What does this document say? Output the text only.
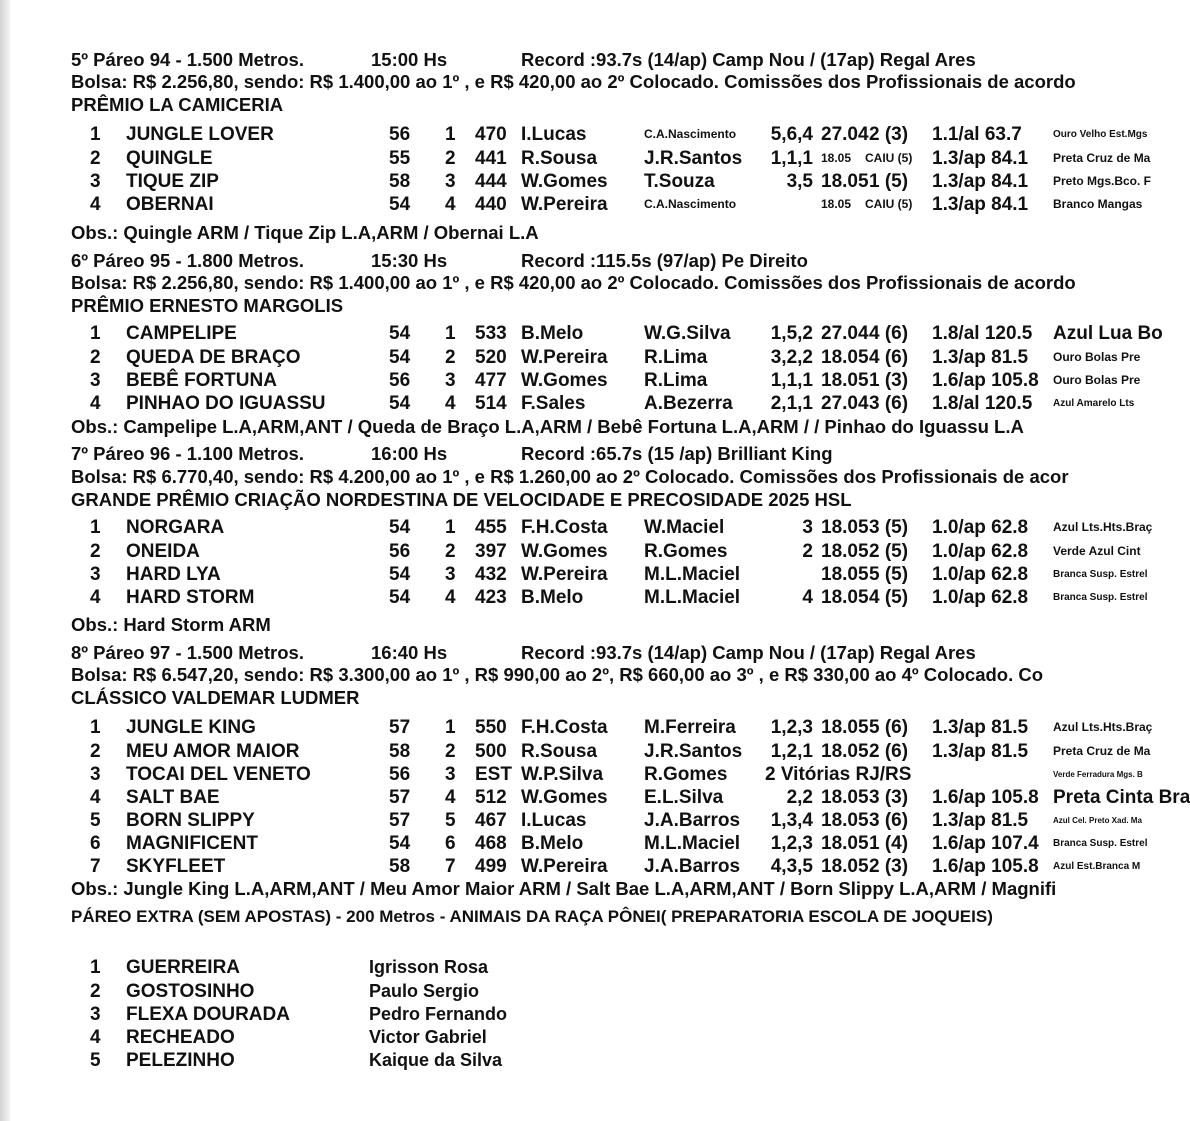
5º Páreo 94 - 1.500 Metros.	15:00 Hs	Record :93.7s (14/ap) Camp Nou / (17ap) Regal Ares
Bolsa: R$ 2.256,80, sendo: R$ 1.400,00 ao 1º , e R$ 420,00 ao 2º Colocado. Comissões dos Profissionais de acordo
PRÊMIO LA CAMICERIA
1 JUNGLE LOVER	56 1 470 I.Lucas	C.A.Nascimento 5,6,4 27.04 2 (3) 1.1/al 63.7	Ouro Velho Est.Mgs
2 QUINGLE	55 2 441 R.Sousa J.R.Santos 1,1,1 18.05 CAIU (5) 1.3/ap 84.1 Preta Cruz de Ma
3 TIQUE ZIP	58 3 444 W.Gomes T.Souza	3,5 18.05 1 (5) 1.3/ap 84.1 Preto Mgs.Bco. F
4 OBERNAI	54 4 440 W.Pereira	C.A.Nascimento	18.05 CAIU (5) 1.3/ap 84.1 Branco Mangas
Obs.: Quingle ARM / Tique Zip L.A,ARM / Obernai L.A
6º Páreo 95 - 1.800 Metros.	15:30 Hs	Record :115.5s (97/ap) Pe Direito
Bolsa: R$ 2.256,80, sendo: R$ 1.400,00 ao 1º , e R$ 420,00 ao 2º Colocado. Comissões dos Profissionais de acordo
PRÊMIO ERNESTO MARGOLIS
1 CAMPELIPE	54 1 533 B.Melo	W.G.Silva 1,5,2 27.04 4 (6) 1.8/al 120.5 Azul Lua Bo
2 QUEDA DE BRAÇO	54 2 520 W.Pereira R.Lima	3,2,2 18.05 4 (6) 1.3/ap 81.5 Ouro Bolas Pre
3 BEBÊ FORTUNA	56 3 477 W.Gomes R.Lima	1,1,1 18.05 1 (3) 1.6/ap 105.8 Ouro Bolas Pre
4 PINHAO DO IGUASSU	54 4 514 F.Sales	A.Bezerra 2,1,1 27.04 3 (6) 1.8/al 120.5 Azul Amarelo Lts
Obs.: Campelipe L.A,ARM,ANT / Queda de Braço L.A,ARM / Bebê Fortuna L.A,ARM / / Pinhao do Iguassu L.A
7º Páreo 96 - 1.100 Metros.	16:00 Hs	Record :65.7s (15 /ap) Brilliant King
Bolsa: R$ 6.770,40, sendo: R$ 4.200,00 ao 1º , e R$ 1.260,00 ao 2º Colocado. Comissões dos Profissionais de acor
GRANDE PRÊMIO CRIAÇÃO NORDESTINA DE VELOCIDADE E PRECOSIDADE 2025 HSL
1 NORGARA	54 1 455 F.H.Costa W.Maciel	3 18.05 3 (5) 1.0/ap 62.8 Azul Lts.Hts.Braç
2 ONEIDA	56 2 397 W.Gomes R.Gomes	2 18.05 2 (5) 1.0/ap 62.8 Verde Azul Cint
3 HARD LYA	54 3 432 W.Pereira M.L.Maciel	18.05 5 (5) 1.0/ap 62.8 Branca Susp. Estrel
4 HARD STORM	54 4 423 B.Melo	M.L.Maciel	4 18.05 4 (5) 1.0/ap 62.8 Branca Susp. Estrel
Obs.: Hard Storm ARM
8º Páreo 97 - 1.500 Metros.	16:40 Hs	Record :93.7s (14/ap) Camp Nou / (17ap) Regal Ares
Bolsa: R$ 6.547,20, sendo: R$ 3.300,00 ao 1º , R$ 990,00 ao 2º, R$ 660,00 ao 3º , e R$ 330,00 ao 4º Colocado. Co
CLÁSSICO VALDEMAR LUDMER
1 JUNGLE KING	57 1 550 F.H.Costa M.Ferreira 1,2,3 18.05 5 (6) 1.3/ap 81.5 Azul Lts.Hts.Braç
2 MEU AMOR MAIOR	58 2 500 R.Sousa J.R.Santos 1,2,1 18.05 2 (6) 1.3/ap 81.5 Preta Cruz de Ma
3 TOCAI DEL VENETO	56 3 EST W.P.Silva R.Gomes 2 Vitórias RJ/RS	Verde Ferradura Mgs. B
4 SALT BAE	57 4 512 W.Gomes E.L.Silva	2,2 18.05 3 (3) 1.6/ap 105.8 Preta Cinta Bra
5 BORN SLIPPY	57 5 467 I.Lucas	J.A.Barros 1,3,4 18.05 3 (6) 1.3/ap 81.5	Azul Cel. Preto Xad. Ma
6 MAGNIFICENT	54 6 468 B.Melo	M.L.Maciel 1,2,3 18.05 1 (4) 1.6/ap 107.4 Branca Susp. Estrel
7 SKYFLEET	58 7 499 W.Pereira J.A.Barros 4,3,5 18.05 2 (3) 1.6/ap 105.8 Azul Est.Branca M
Obs.: Jungle King L.A,ARM,ANT / Meu Amor Maior ARM / Salt Bae L.A,ARM,ANT / Born Slippy L.A,ARM / Magnifi
PÁREO EXTRA (SEM APOSTAS) - 200 Metros - ANIMAIS DA RAÇA PÔNEI( PREPARATORIA ESCOLA DE JOQUEIS)
1 GUERREIRA	Igrisson Rosa
2 GOSTOSINHO	Paulo Sergio
3 FLEXA DOURADA	Pedro Fernando
4 RECHEADO	Victor Gabriel
5 PELEZINHO	Kaique da Silva
